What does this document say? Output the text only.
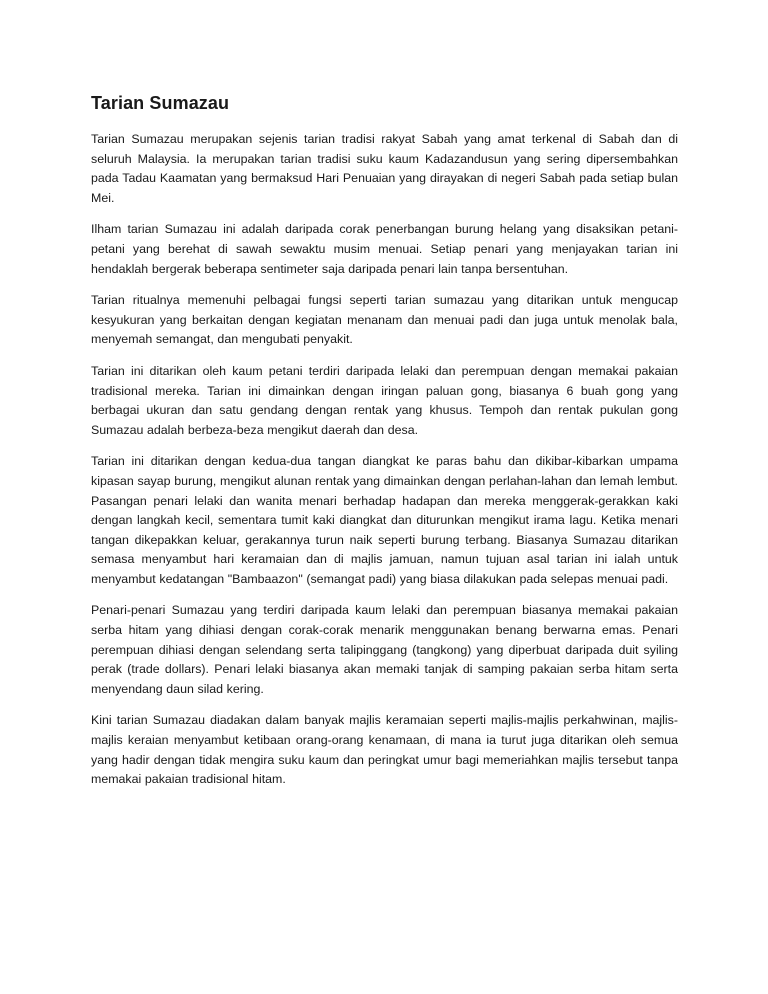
Tarian Sumazau

Tarian Sumazau merupakan sejenis tarian tradisi rakyat Sabah yang amat terkenal di Sabah dan di seluruh Malaysia. Ia merupakan tarian tradisi suku kaum Kadazandusun yang sering dipersembahkan pada Tadau Kaamatan yang bermaksud Hari Penuaian yang dirayakan di negeri Sabah pada setiap bulan Mei.

Ilham tarian Sumazau ini adalah daripada corak penerbangan burung helang yang disaksikan petani-petani yang berehat di sawah sewaktu musim menuai. Setiap penari yang menjayakan tarian ini hendaklah bergerak beberapa sentimeter saja daripada penari lain tanpa bersentuhan.

Tarian ritualnya memenuhi pelbagai fungsi seperti tarian sumazau yang ditarikan untuk mengucap kesyukuran yang berkaitan dengan kegiatan menanam dan menuai padi dan juga untuk menolak bala, menyemah semangat, dan mengubati penyakit.

Tarian ini ditarikan oleh kaum petani terdiri daripada lelaki dan perempuan dengan memakai pakaian tradisional mereka. Tarian ini dimainkan dengan iringan paluan gong, biasanya 6 buah gong yang berbagai ukuran dan satu gendang dengan rentak yang khusus. Tempoh dan rentak pukulan gong Sumazau adalah berbeza-beza mengikut daerah dan desa.

Tarian ini ditarikan dengan kedua-dua tangan diangkat ke paras bahu dan dikibar-kibarkan umpama kipasan sayap burung, mengikut alunan rentak yang dimainkan dengan perlahan-lahan dan lemah lembut. Pasangan penari lelaki dan wanita menari berhadap hadapan dan mereka menggerak-gerakkan kaki dengan langkah kecil, sementara tumit kaki diangkat dan diturunkan mengikut irama lagu. Ketika menari tangan dikepakkan keluar, gerakannya turun naik seperti burung terbang. Biasanya Sumazau ditarikan semasa menyambut hari keramaian dan di majlis jamuan, namun tujuan asal tarian ini ialah untuk menyambut kedatangan "Bambaazon" (semangat padi) yang biasa dilakukan pada selepas menuai padi.

Penari-penari Sumazau yang terdiri daripada kaum lelaki dan perempuan biasanya memakai pakaian serba hitam yang dihiasi dengan corak-corak menarik menggunakan benang berwarna emas. Penari perempuan dihiasi dengan selendang serta talipinggang (tangkong) yang diperbuat daripada duit syiling perak (trade dollars). Penari lelaki biasanya akan memaki tanjak di samping pakaian serba hitam serta menyendang daun silad kering.

Kini tarian Sumazau diadakan dalam banyak majlis keramaian seperti majlis-majlis perkahwinan, majlis-majlis keraian menyambut ketibaan orang-orang kenamaan, di mana ia turut juga ditarikan oleh semua yang hadir dengan tidak mengira suku kaum dan peringkat umur bagi memeriahkan majlis tersebut tanpa memakai pakaian tradisional hitam.
